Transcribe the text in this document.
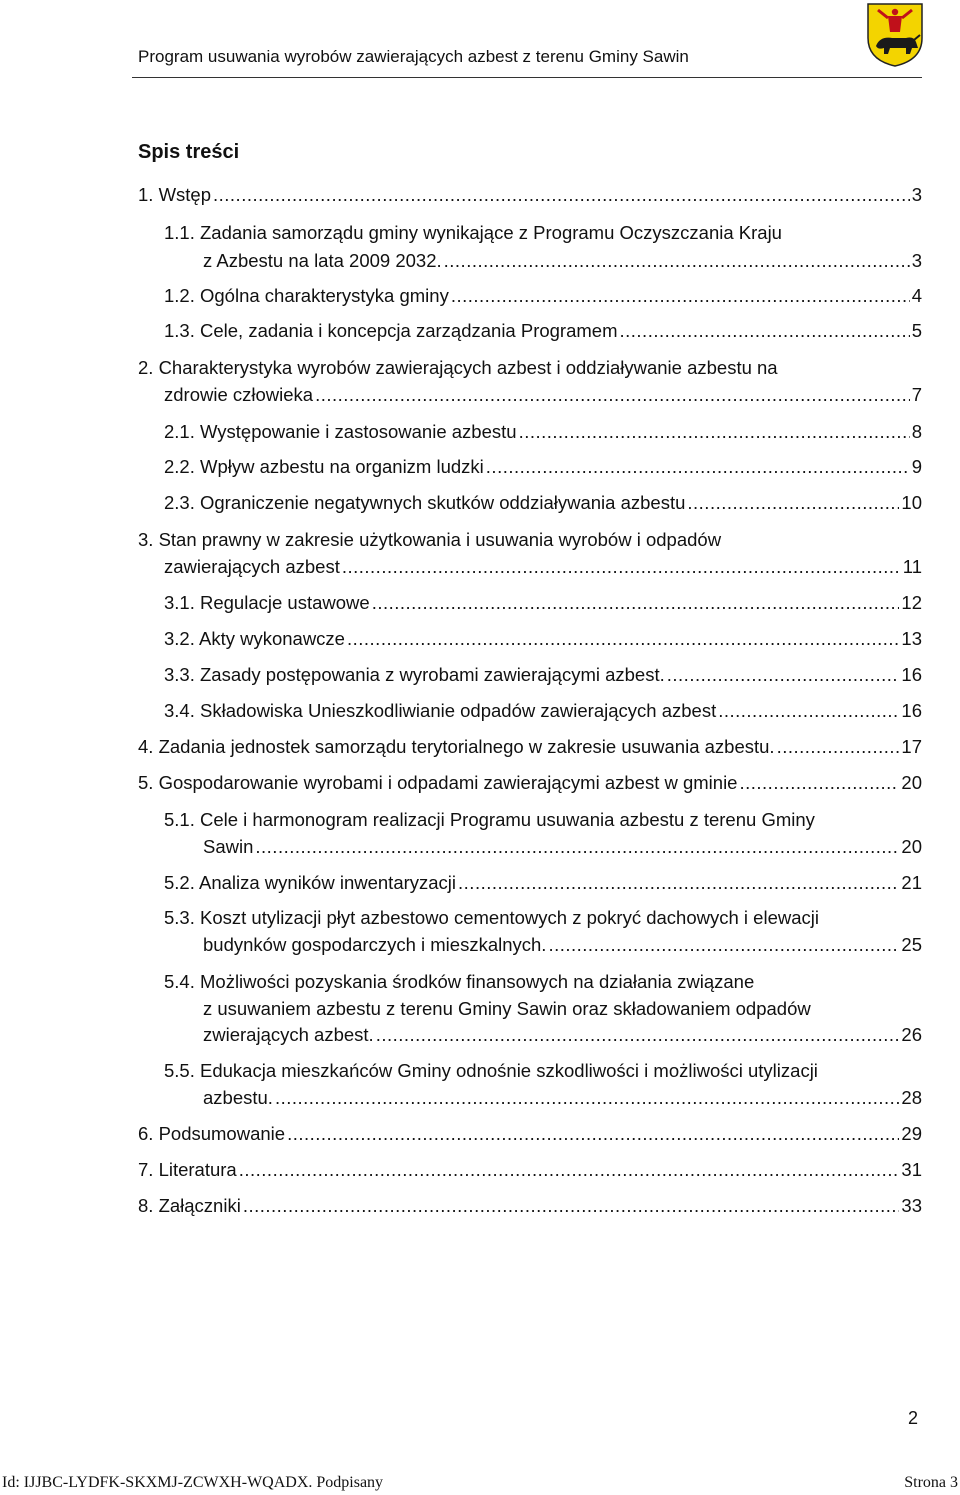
Program usuwania wyrobów zawierających azbest z terenu Gminy Sawin
Spis treści
1. Wstęp .....	3
1.1. Zadania samorządu gminy wynikające z Programu Oczyszczania Kraju
z Azbestu na lata 2009 2032. .....	3
1.2. Ogólna charakterystyka gminy .....	4
1.3. Cele, zadania i koncepcja zarządzania Programem .....	5
2. Charakterystyka wyrobów zawierających azbest i oddziaływanie azbestu na
zdrowie człowieka .....	7
2.1. Występowanie i zastosowanie azbestu .....	8
2.2. Wpływ azbestu na organizm ludzki .....	9
2.3. Ograniczenie negatywnych skutków oddziaływania azbestu .....	10
3. Stan prawny w zakresie użytkowania i usuwania wyrobów i odpadów
zawierających azbest .....	11
3.1. Regulacje ustawowe .....	12
3.2. Akty wykonawcze .....	13
3.3. Zasady postępowania z wyrobami zawierającymi azbest. .....	16
3.4. Składowiska Unieszkodliwianie odpadów zawierających azbest .....	16
4. Zadania jednostek samorządu terytorialnego w zakresie usuwania azbestu. .....	17
5. Gospodarowanie wyrobami i odpadami zawierającymi azbest w gminie .....	20
5.1. Cele i harmonogram realizacji Programu usuwania azbestu z terenu Gminy
Sawin .....	20
5.2. Analiza wyników inwentaryzacji .....	21
5.3. Koszt utylizacji płyt azbestowo cementowych z pokryć dachowych i elewacji
budynków gospodarczych i mieszkalnych. .....	25
5.4. Możliwości pozyskania środków finansowych na działania związane
z usuwaniem azbestu z terenu Gminy Sawin oraz składowaniem odpadów
zwierających azbest. .....	26
5.5. Edukacja mieszkańców Gminy odnośnie szkodliwości i możliwości utylizacji
azbestu. .....	28
6. Podsumowanie .....	29
7. Literatura .....	31
8. Załączniki .....	33
2
Id: IJJBC-LYDFK-SKXMJ-ZCWXH-WQADX. Podpisany	Strona 3
